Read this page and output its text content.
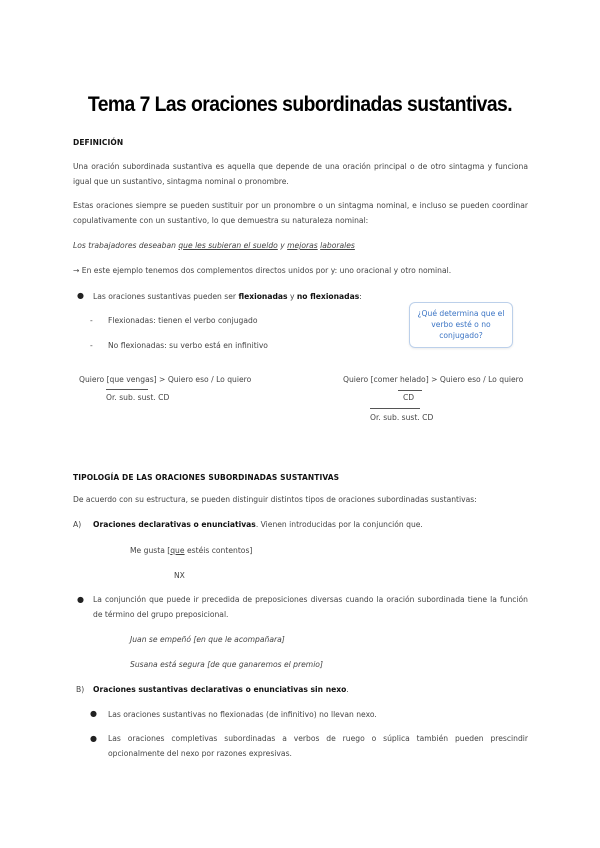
Tema 7 Las oraciones subordinadas sustantivas.
DEFINICIÓN
Una oración subordinada sustantiva es aquella que depende de una oración principal o de otro sintagma y funciona igual que un sustantivo, sintagma nominal o pronombre.
Estas oraciones siempre se pueden sustituir por un pronombre o un sintagma nominal, e incluso se pueden coordinar copulativamente con un sustantivo, lo que demuestra su naturaleza nominal:
Los trabajadores deseaban que les subieran el sueldo y mejoras laborales
→ En este ejemplo tenemos dos complementos directos unidos por y: uno oracional y otro nominal.
● Las oraciones sustantivas pueden ser flexionadas y no flexionadas:
- Flexionadas: tienen el verbo conjugado
- No flexionadas: su verbo está en infinitivo
¿Qué determina que el verbo esté o no conjugado?
Quiero [que vengas] > Quiero eso / Lo quiero
Or. sub. sust. CD
Quiero [comer helado] > Quiero eso / Lo quiero
CD
Or. sub. sust. CD
TIPOLOGÍA DE LAS ORACIONES SUBORDINADAS SUSTANTIVAS
De acuerdo con su estructura, se pueden distinguir distintos tipos de oraciones subordinadas sustantivas:
A) Oraciones declarativas o enunciativas. Vienen introducidas por la conjunción que.
Me gusta [que estéis contentos]
NX
● La conjunción que puede ir precedida de preposiciones diversas cuando la oración subordinada tiene la función de término del grupo preposicional.
Juan se empeñó [en que le acompañara]
Susana está segura [de que ganaremos el premio]
B) Oraciones sustantivas declarativas o enunciativas sin nexo.
● Las oraciones sustantivas no flexionadas (de infinitivo) no llevan nexo.
● Las oraciones completivas subordinadas a verbos de ruego o súplica también pueden prescindir opcionalmente del nexo por razones expresivas.
